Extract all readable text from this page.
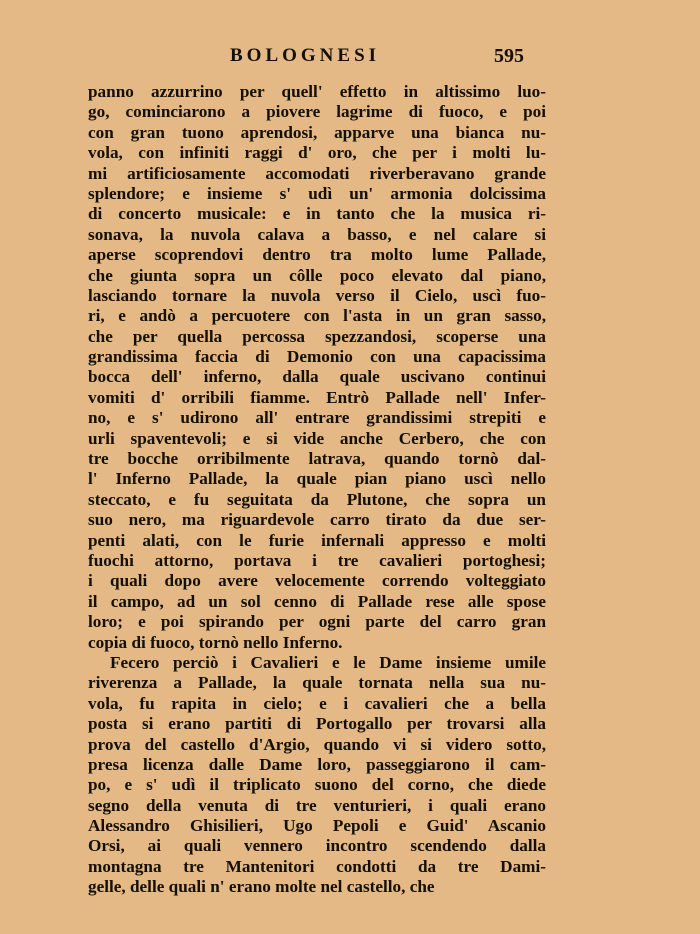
BOLOGNESI	595
panno azzurrino per quell' effetto in altissimo luo-
go, cominciarono a piovere lagrime di fuoco, e poi
con gran tuono aprendosi, apparve una bianca nu-
vola, con infiniti raggi d' oro, che per i molti lu-
mi artificiosamente accomodati riverberavano grande
splendore; e insieme s' udì un' armonia dolcissima
di concerto musicale: e in tanto che la musica ri-
sonava, la nuvola calava a basso, e nel calare si
aperse scoprendovi dentro tra molto lume Pallade,
che giunta sopra un côlle poco elevato dal piano,
lasciando tornare la nuvola verso il Cielo, uscì fuo-
ri, e andò a percuotere con l'asta in un gran sasso,
che per quella percossa spezzandosi, scoperse una
grandissima faccia di Demonio con una capacissima
bocca dell' inferno, dalla quale uscivano continui
vomiti d' orribili fiamme. Entrò Pallade nell' Infer-
no, e s' udirono all' entrare grandissimi strepiti e
urli spaventevoli; e si vide anche Cerbero, che con
tre bocche orribilmente latrava, quando tornò dal-
l' Inferno Pallade, la quale pian piano uscì nello
steccato, e fu seguitata da Plutone, che sopra un
suo nero, ma riguardevole carro tirato da due ser-
penti alati, con le furie infernali appresso e molti
fuochi attorno, portava i tre cavalieri portoghesi;
i quali dopo avere velocemente correndo volteggiato
il campo, ad un sol cenno di Pallade rese alle spose
loro; e poi spirando per ogni parte del carro gran
copia di fuoco, tornò nello Inferno.
Fecero perciò i Cavalieri e le Dame insieme umile
riverenza a Pallade, la quale tornata nella sua nu-
vola, fu rapita in cielo; e i cavalieri che a bella
posta si erano partiti di Portogallo per trovarsi alla
prova del castello d'Argio, quando vi si videro sotto,
presa licenza dalle Dame loro, passeggiarono il cam-
po, e s' udì il triplicato suono del corno, che diede
segno della venuta di tre venturieri, i quali erano
Alessandro Ghisilieri, Ugo Pepoli e Guid' Ascanio
Orsi, ai quali vennero incontro scendendo dalla
montagna tre Mantenitori condotti da tre Dami-
gelle, delle quali n' erano molte nel castello, che
